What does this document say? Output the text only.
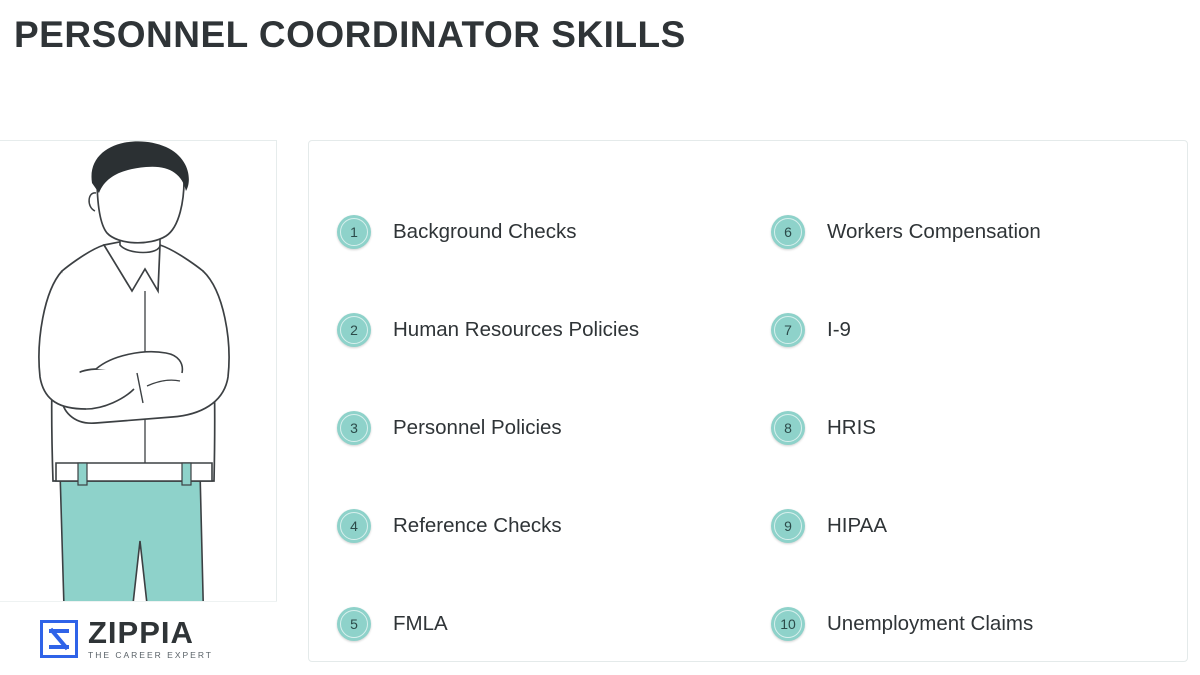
PERSONNEL COORDINATOR SKILLS
ZIPPIA
THE CAREER EXPERT
1 Background Checks
2 Human Resources Policies
3 Personnel Policies
4 Reference Checks
5 FMLA
6 Workers Compensation
7 I-9
8 HRIS
9 HIPAA
10 Unemployment Claims
